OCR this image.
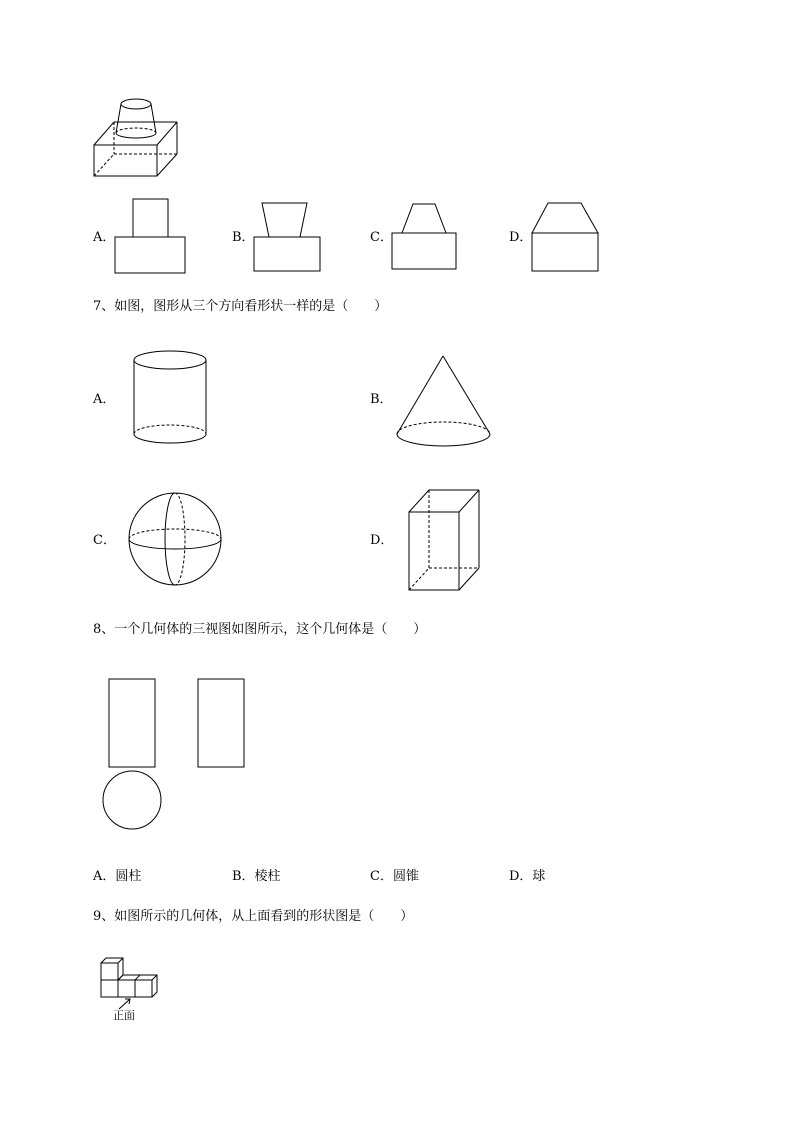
A．	B．	C．	D．
7、如图，图形从三个方向看形状一样的是（　　）
A．	B．
C．	D．
8、一个几何体的三视图如图所示，这个几何体是（　　）
A．圆柱	B．棱柱	C．圆锥	D．球
9、如图所示的几何体，从上面看到的形状图是（　　）
正面
